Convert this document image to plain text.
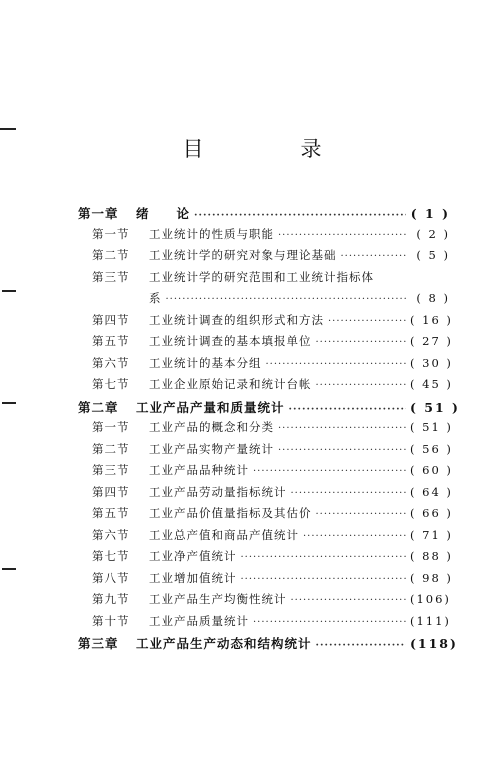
目　录
第一章	绪　　论 ·····	( 1 )
第一节	工业统计的性质与职能 ·····	( 2 )
第二节	工业统计学的研究对象与理论基础 ·····	( 5 )
第三节	工业统计学的研究范围和工业统计指标体
系 ·····	( 8 )
第四节	工业统计调查的组织形式和方法 ·····	( 16 )
第五节	工业统计调查的基本填报单位 ·····	( 27 )
第六节	工业统计的基本分组 ·····	( 30 )
第七节	工业企业原始记录和统计台帐 ·····	( 45 )
第二章	工业产品产量和质量统计 ·····	( 51 )
第一节	工业产品的概念和分类 ·····	( 51 )
第二节	工业产品实物产量统计 ·····	( 56 )
第三节	工业产品品种统计 ·····	( 60 )
第四节	工业产品劳动量指标统计 ·····	( 64 )
第五节	工业产品价值量指标及其估价 ·····	( 66 )
第六节	工业总产值和商品产值统计 ·····	( 71 )
第七节	工业净产值统计 ·····	( 88 )
第八节	工业增加值统计 ·····	( 98 )
第九节	工业产品生产均衡性统计 ·····	(106)
第十节	工业产品质量统计 ·····	(111)
第三章	工业产品生产动态和结构统计 ·····	(118)
